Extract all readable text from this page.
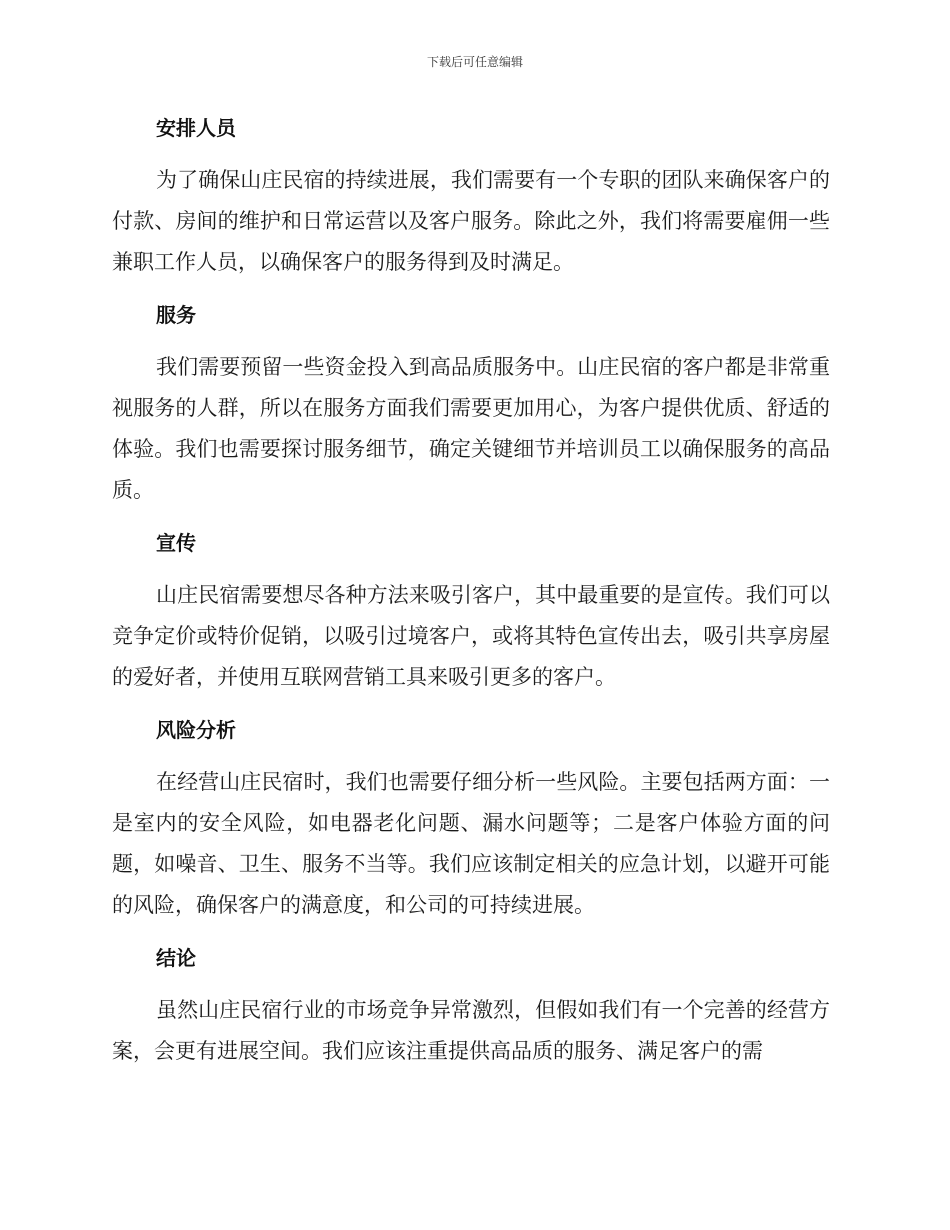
下载后可任意编辑
安排人员

为了确保山庄民宿的持续进展，我们需要有一个专职的团队来确保客户的付款、房间的维护和日常运营以及客户服务。除此之外，我们将需要雇佣一些兼职工作人员，以确保客户的服务得到及时满足。

服务

我们需要预留一些资金投入到高品质服务中。山庄民宿的客户都是非常重视服务的人群，所以在服务方面我们需要更加用心，为客户提供优质、舒适的体验。我们也需要探讨服务细节，确定关键细节并培训员工以确保服务的高品质。

宣传

山庄民宿需要想尽各种方法来吸引客户，其中最重要的是宣传。我们可以竞争定价或特价促销，以吸引过境客户，或将其特色宣传出去，吸引共享房屋的爱好者，并使用互联网营销工具来吸引更多的客户。

风险分析

在经营山庄民宿时，我们也需要仔细分析一些风险。主要包括两方面：一是室内的安全风险，如电器老化问题、漏水问题等；二是客户体验方面的问题，如噪音、卫生、服务不当等。我们应该制定相关的应急计划，以避开可能的风险，确保客户的满意度，和公司的可持续进展。

结论

虽然山庄民宿行业的市场竞争异常激烈，但假如我们有一个完善的经营方案，会更有进展空间。我们应该注重提供高品质的服务、满足客户的需
